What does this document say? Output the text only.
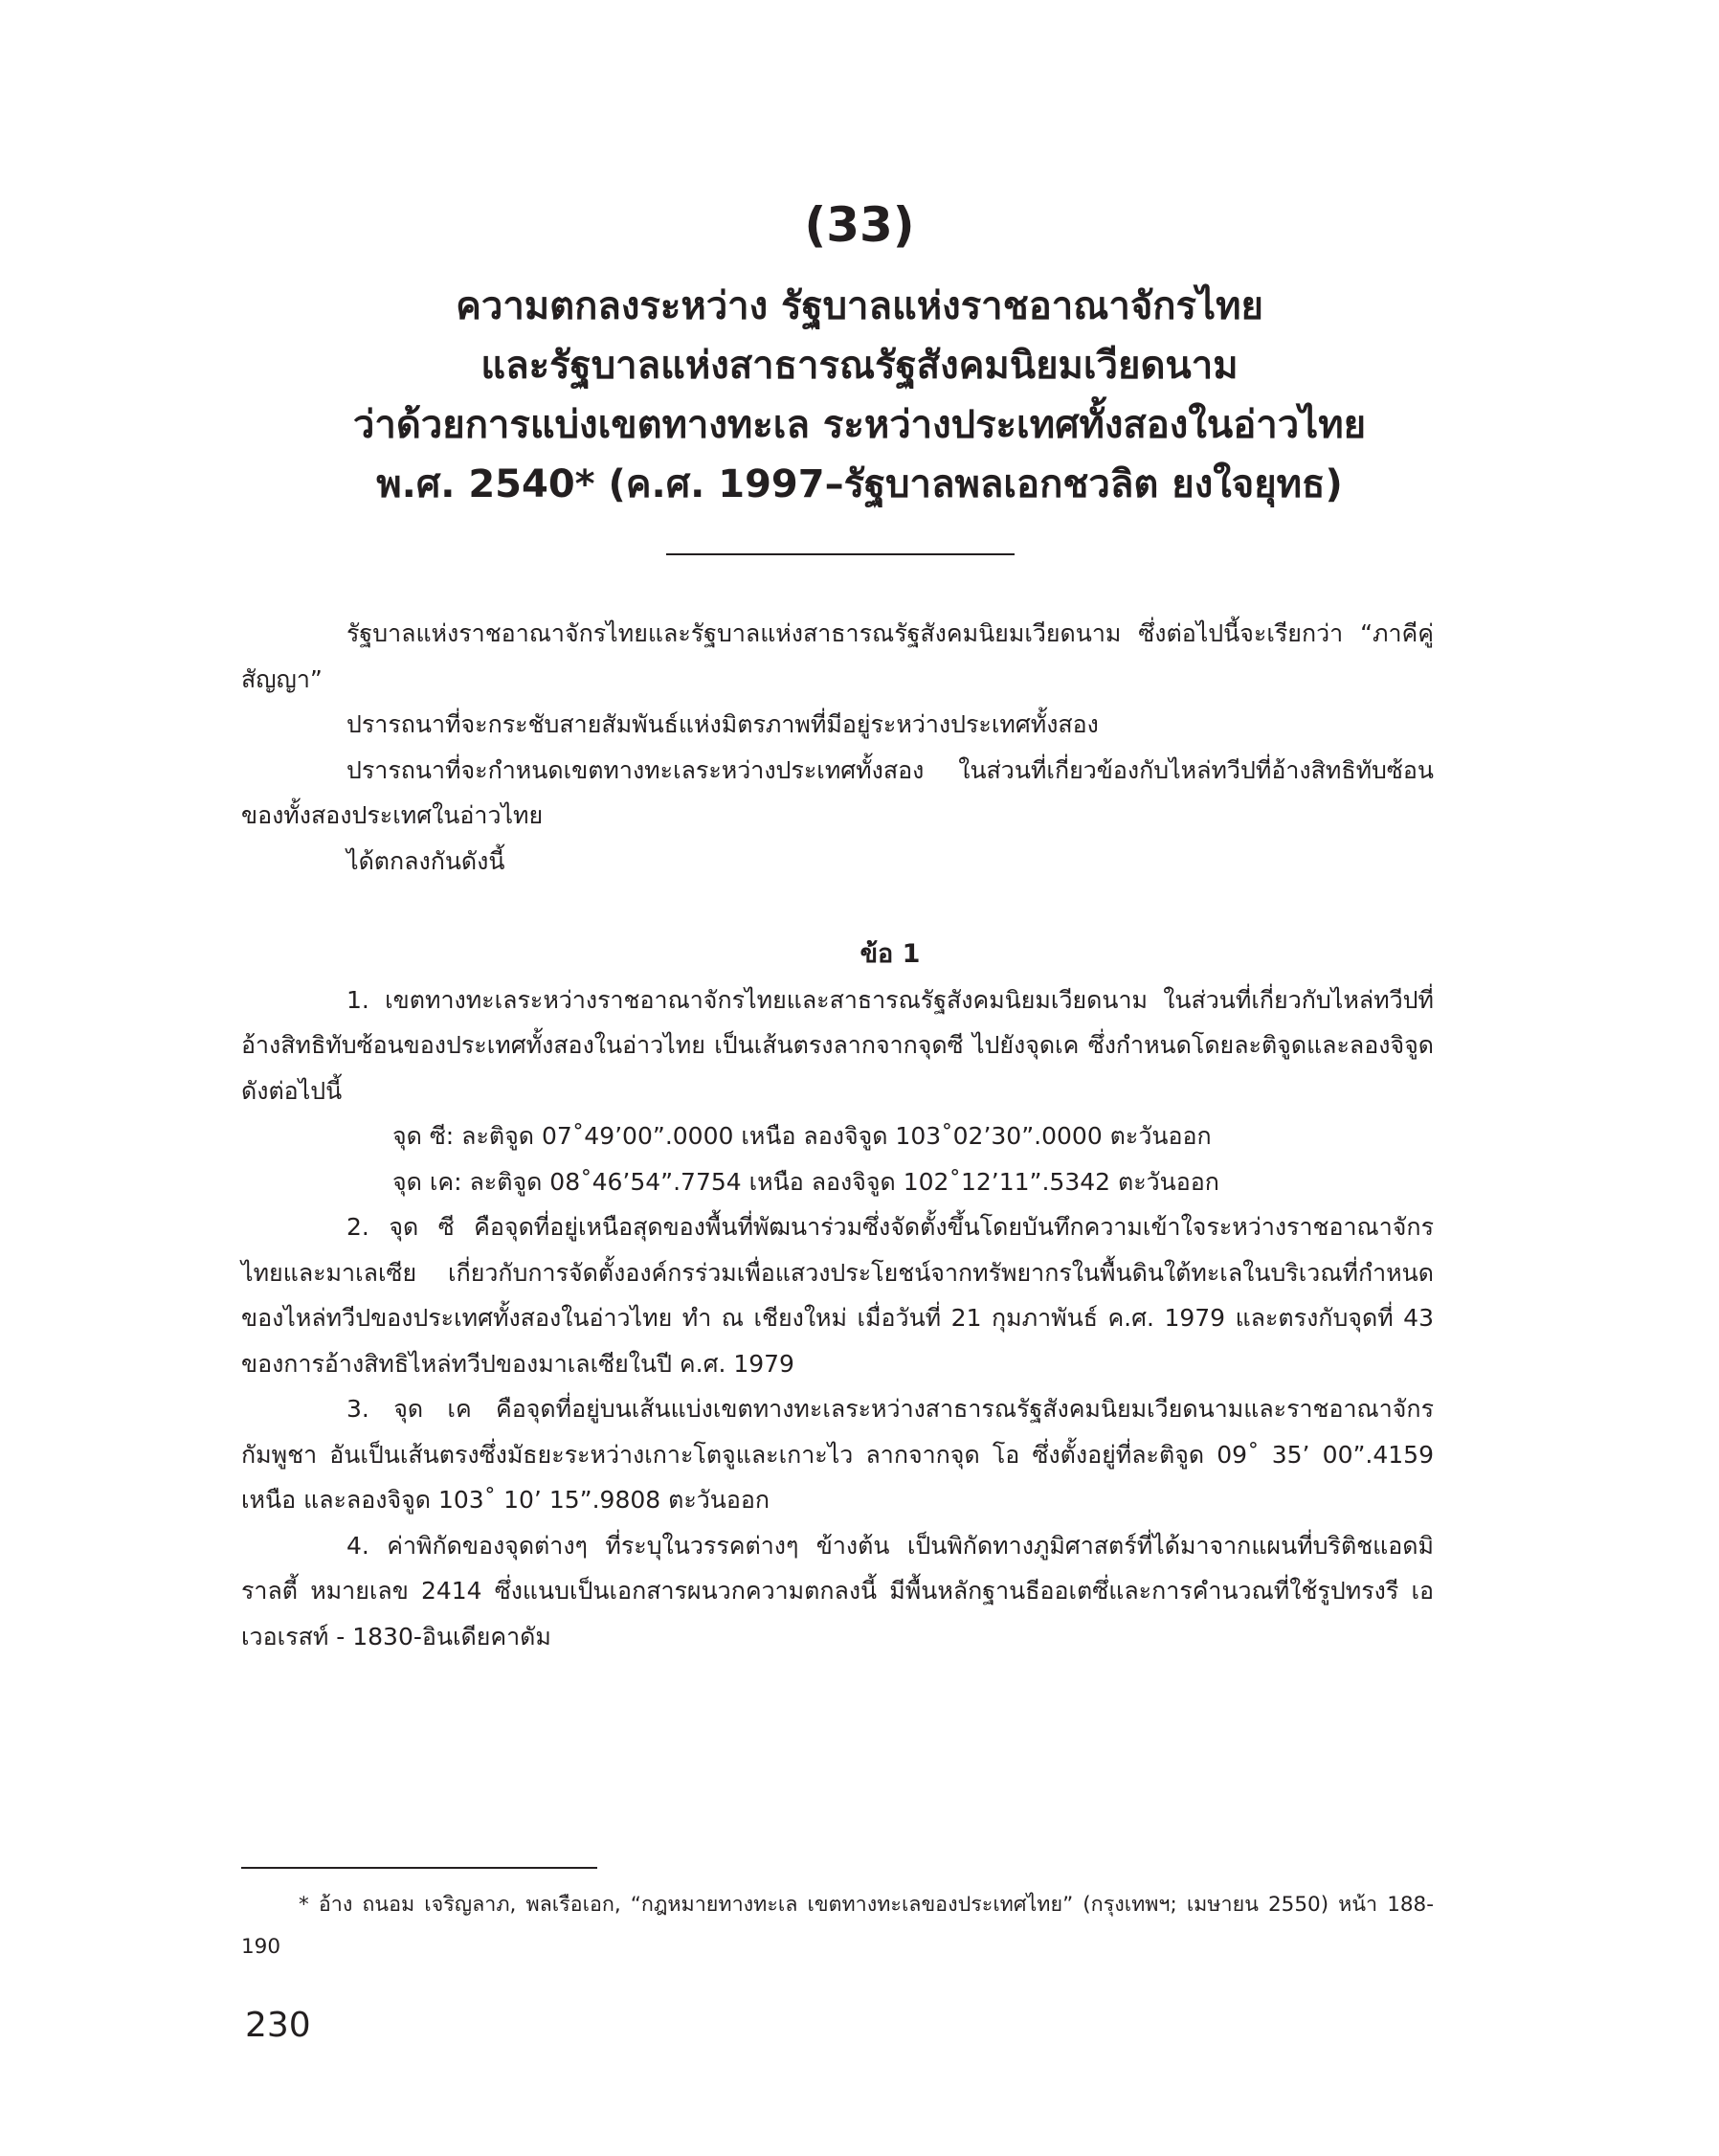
(33)
ความตกลงระหว่าง รัฐบาลแห่งราชอาณาจักรไทย
และรัฐบาลแห่งสาธารณรัฐสังคมนิยมเวียดนาม
ว่าด้วยการแบ่งเขตทางทะเล ระหว่างประเทศทั้งสองในอ่าวไทย
พ.ศ. 2540* (ค.ศ. 1997–รัฐบาลพลเอกชวลิต ยงใจยุทธ)

รัฐบาลแห่งราชอาณาจักรไทยและรัฐบาลแห่งสาธารณรัฐสังคมนิยมเวียดนาม ซึ่งต่อไปนี้จะเรียกว่า “ภาคีคู่สัญญา”

ปรารถนาที่จะกระชับสายสัมพันธ์แห่งมิตรภาพที่มีอยู่ระหว่างประเทศทั้งสอง

ปรารถนาที่จะกำหนดเขตทางทะเลระหว่างประเทศทั้งสอง ในส่วนที่เกี่ยวข้องกับไหล่ทวีปที่อ้างสิทธิทับซ้อนของทั้งสองประเทศในอ่าวไทย

ได้ตกลงกันดังนี้

ข้อ 1

1. เขตทางทะเลระหว่างราชอาณาจักรไทยและสาธารณรัฐสังคมนิยมเวียดนาม ในส่วนที่เกี่ยวกับไหล่ทวีปที่อ้างสิทธิทับซ้อนของประเทศทั้งสองในอ่าวไทย เป็นเส้นตรงลากจากจุดซี ไปยังจุดเค ซึ่งกำหนดโดยละติจูดและลองจิจูดดังต่อไปนี้

จุด ซี: ละติจูด 07˚49’00”.0000 เหนือ ลองจิจูด 103˚02’30”.0000 ตะวันออก

จุด เค: ละติจูด 08˚46’54”.7754 เหนือ ลองจิจูด 102˚12’11”.5342 ตะวันออก

2. จุด ซี คือจุดที่อยู่เหนือสุดของพื้นที่พัฒนาร่วมซึ่งจัดตั้งขึ้นโดยบันทึกความเข้าใจระหว่างราชอาณาจักรไทยและมาเลเซีย เกี่ยวกับการจัดตั้งองค์กรร่วมเพื่อแสวงประโยชน์จากทรัพยากรในพื้นดินใต้ทะเลในบริเวณที่กำหนดของไหล่ทวีปของประเทศทั้งสองในอ่าวไทย ทำ ณ เชียงใหม่ เมื่อวันที่ 21 กุมภาพันธ์ ค.ศ. 1979 และตรงกับจุดที่ 43 ของการอ้างสิทธิไหล่ทวีปของมาเลเซียในปี ค.ศ. 1979

3. จุด เค คือจุดที่อยู่บนเส้นแบ่งเขตทางทะเลระหว่างสาธารณรัฐสังคมนิยมเวียดนามและราชอาณาจักรกัมพูชา อันเป็นเส้นตรงซึ่งมัธยะระหว่างเกาะโตจูและเกาะไว ลากจากจุด โอ ซึ่งตั้งอยู่ที่ละติจูด 09˚ 35’ 00”.4159 เหนือ และลองจิจูด 103˚ 10’ 15”.9808 ตะวันออก

4. ค่าพิกัดของจุดต่างๆ ที่ระบุในวรรคต่างๆ ข้างต้น เป็นพิกัดทางภูมิศาสตร์ที่ได้มาจากแผนที่บริติชแอดมิราลตี้ หมายเลข 2414 ซึ่งแนบเป็นเอกสารผนวกความตกลงนี้ มีพื้นหลักฐานธีออเตซึ่และการคำนวณที่ใช้รูปทรงรี เอเวอเรสท์ - 1830-อินเดียคาดัม

* อ้าง ถนอม เจริญลาภ, พลเรือเอก, “กฎหมายทางทะเล เขตทางทะเลของประเทศไทย” (กรุงเทพฯ; เมษายน 2550) หน้า 188-190

230
